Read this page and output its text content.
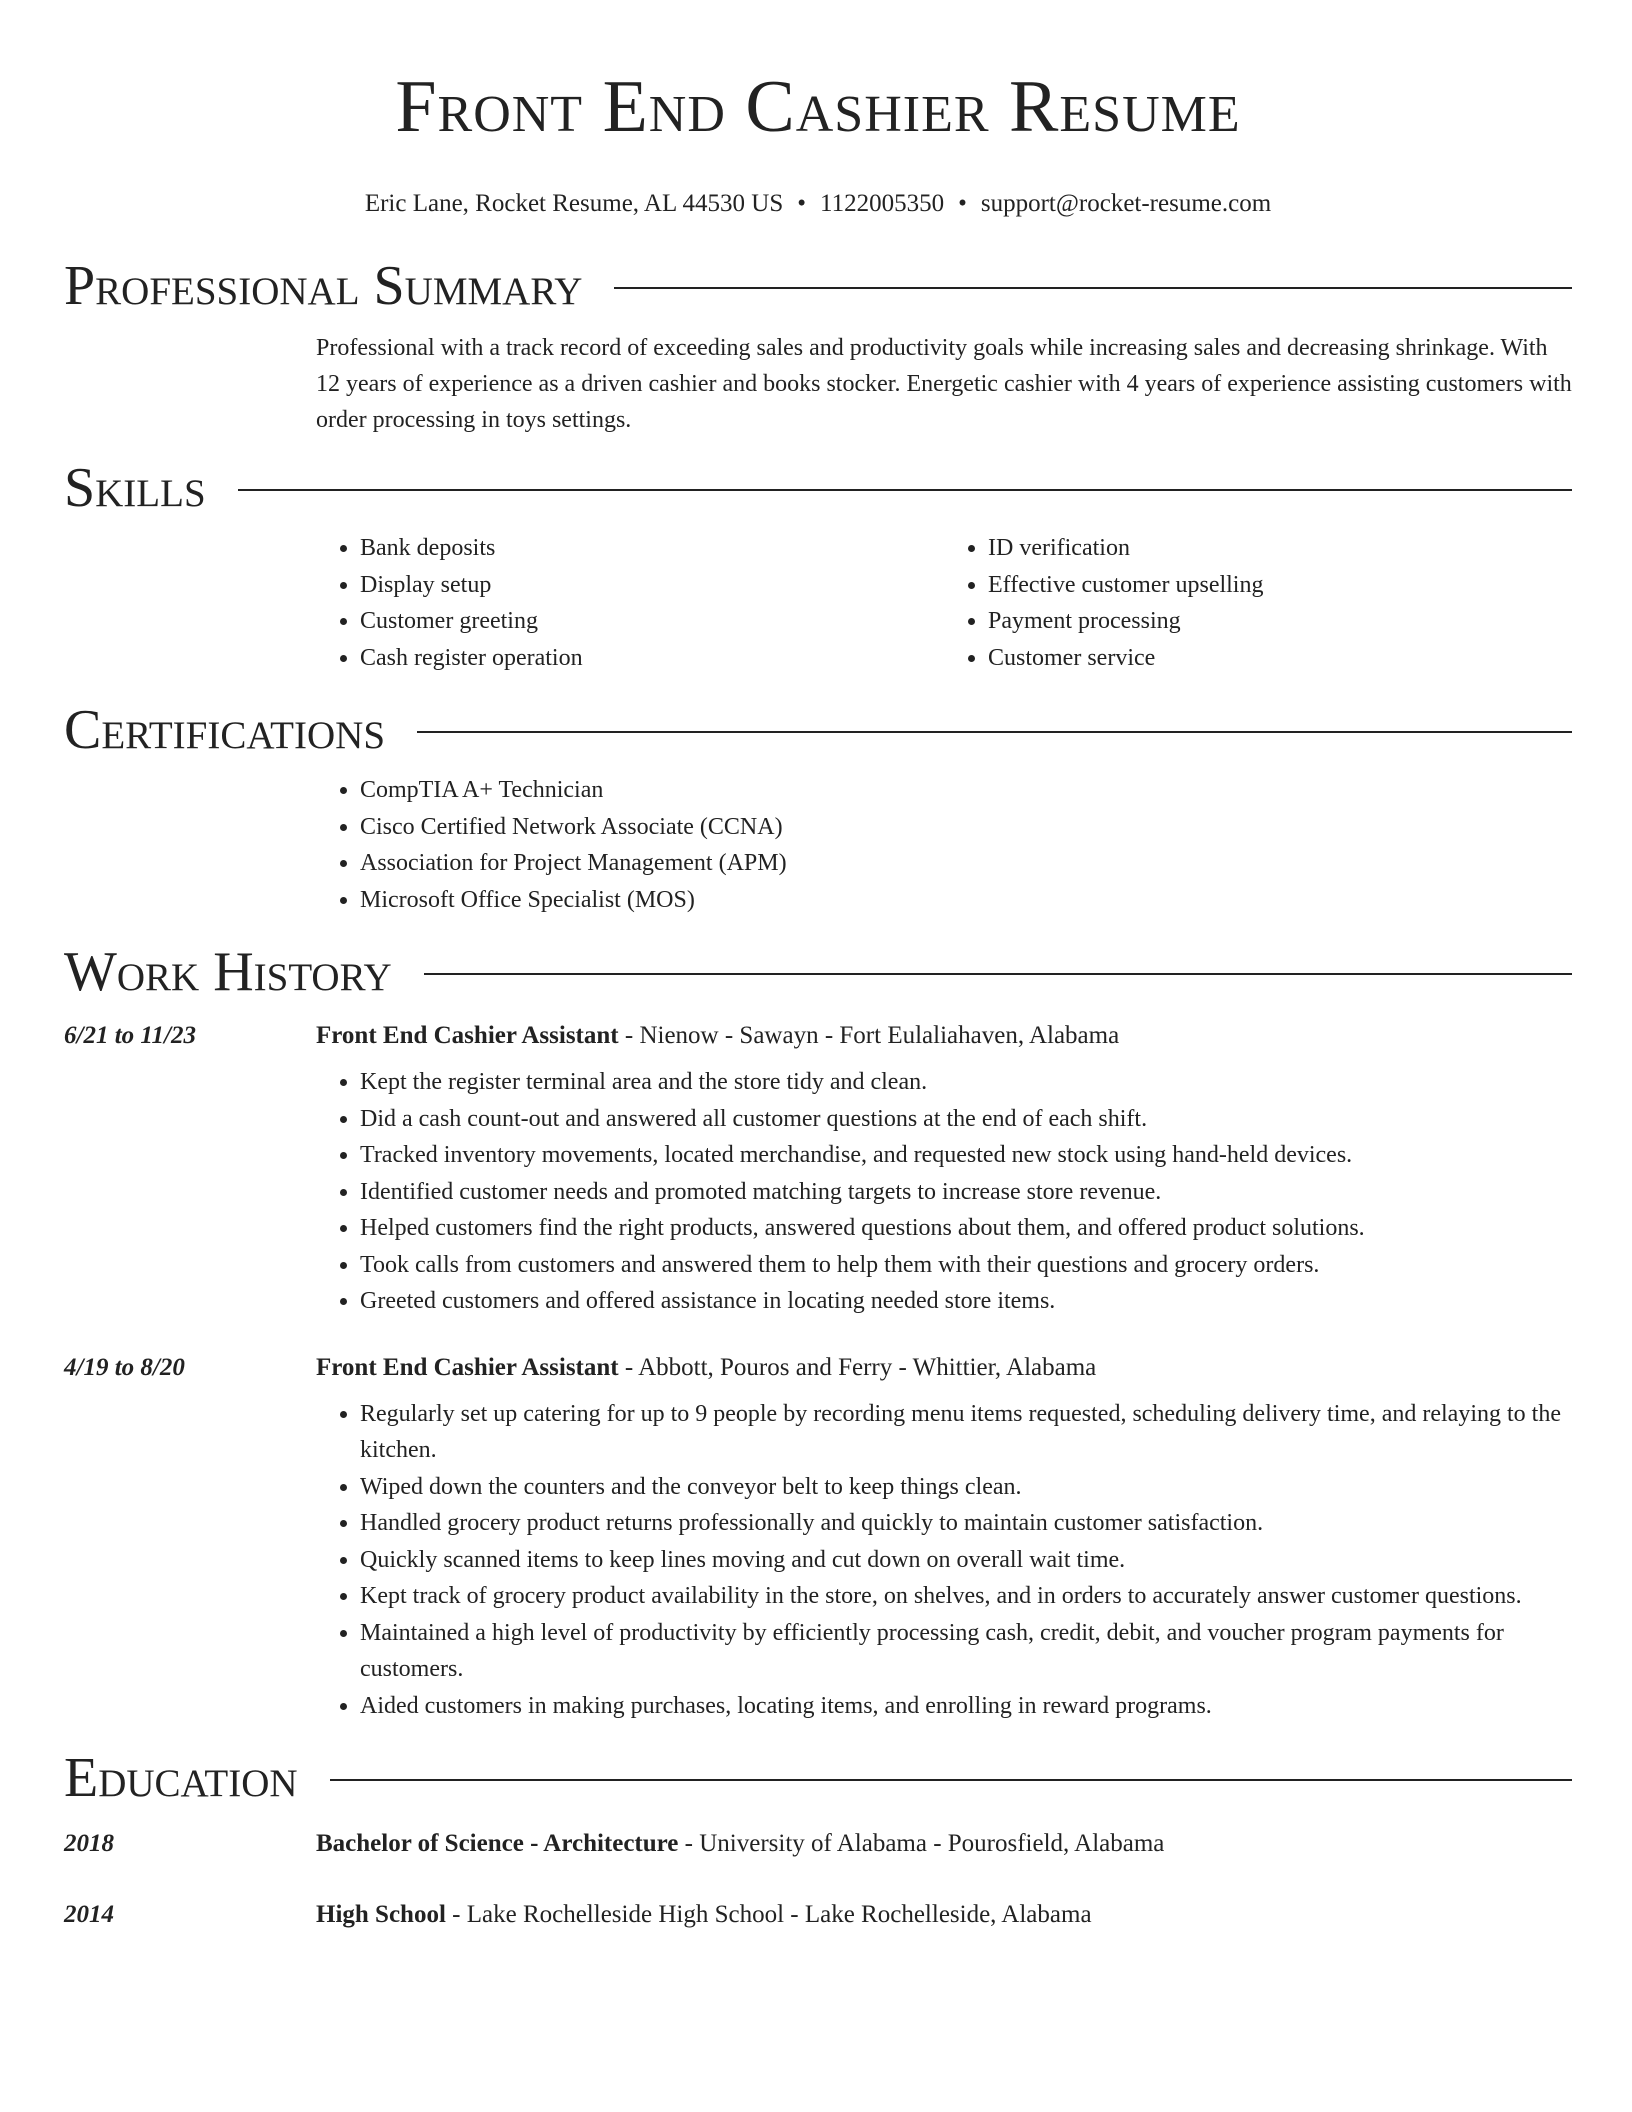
Front End Cashier Resume
Eric Lane, Rocket Resume, AL 44530 US • 1122005350 • support@rocket-resume.com
Professional Summary
Professional with a track record of exceeding sales and productivity goals while increasing sales and decreasing shrinkage. With 12 years of experience as a driven cashier and books stocker. Energetic cashier with 4 years of experience assisting customers with order processing in toys settings.
Skills
• Bank deposits
• Display setup
• Customer greeting
• Cash register operation
• ID verification
• Effective customer upselling
• Payment processing
• Customer service
Certifications
• CompTIA A+ Technician
• Cisco Certified Network Associate (CCNA)
• Association for Project Management (APM)
• Microsoft Office Specialist (MOS)
Work History
6/21 to 11/23	Front End Cashier Assistant - Nienow - Sawayn - Fort Eulaliahaven, Alabama
• Kept the register terminal area and the store tidy and clean.
• Did a cash count-out and answered all customer questions at the end of each shift.
• Tracked inventory movements, located merchandise, and requested new stock using hand-held devices.
• Identified customer needs and promoted matching targets to increase store revenue.
• Helped customers find the right products, answered questions about them, and offered product solutions.
• Took calls from customers and answered them to help them with their questions and grocery orders.
• Greeted customers and offered assistance in locating needed store items.
4/19 to 8/20	Front End Cashier Assistant - Abbott, Pouros and Ferry - Whittier, Alabama
• Regularly set up catering for up to 9 people by recording menu items requested, scheduling delivery time, and relaying to the kitchen.
• Wiped down the counters and the conveyor belt to keep things clean.
• Handled grocery product returns professionally and quickly to maintain customer satisfaction.
• Quickly scanned items to keep lines moving and cut down on overall wait time.
• Kept track of grocery product availability in the store, on shelves, and in orders to accurately answer customer questions.
• Maintained a high level of productivity by efficiently processing cash, credit, debit, and voucher program payments for customers.
• Aided customers in making purchases, locating items, and enrolling in reward programs.
Education
2018	Bachelor of Science - Architecture - University of Alabama - Pourosfield, Alabama
2014	High School - Lake Rochelleside High School - Lake Rochelleside, Alabama
